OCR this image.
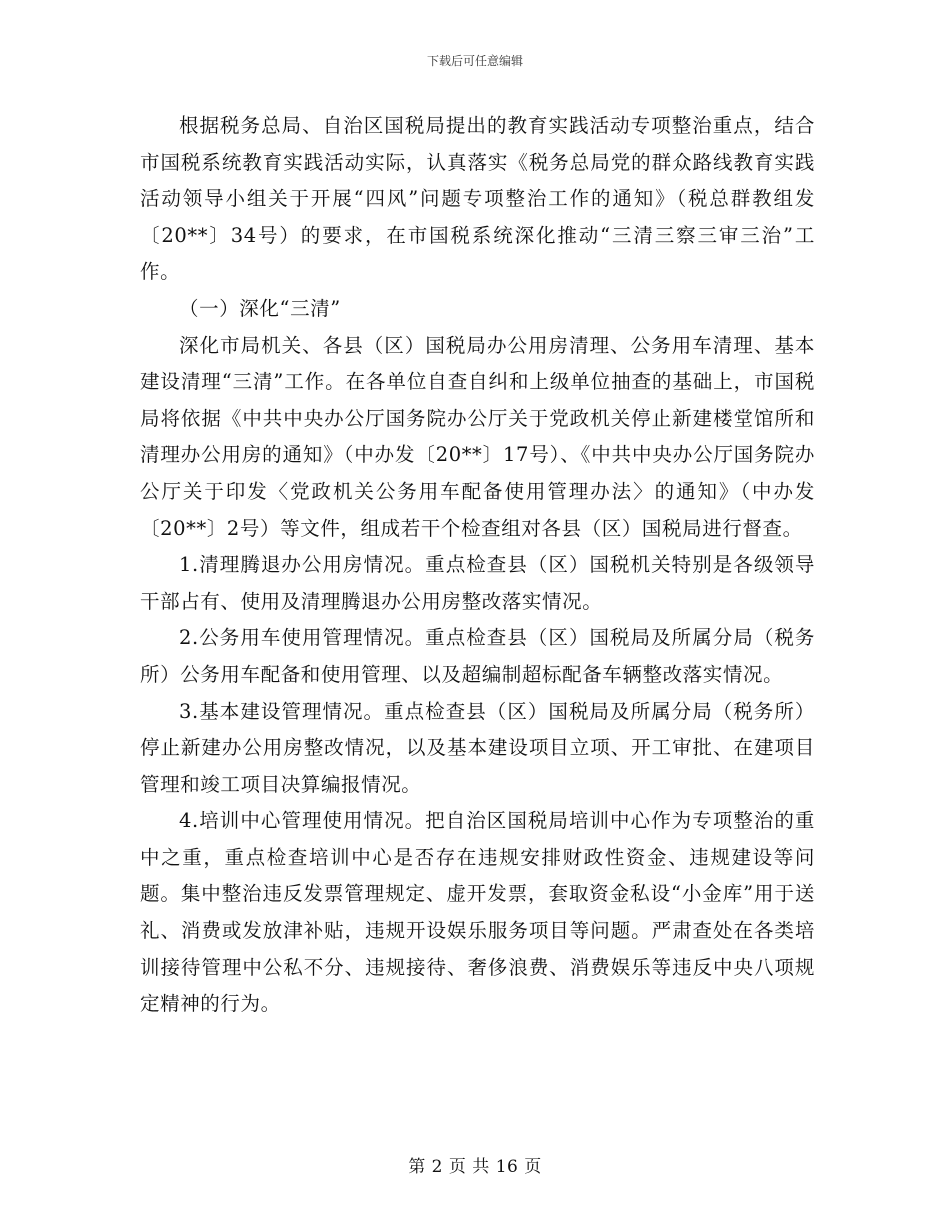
下载后可任意编辑

根据税务总局、自治区国税局提出的教育实践活动专项整治重点，结合市国税系统教育实践活动实际，认真落实《税务总局党的群众路线教育实践活动领导小组关于开展“四风”问题专项整治工作的通知》（税总群教组发〔20**〕34号）的要求，在市国税系统深化推动“三清三察三审三治”工作。

（一）深化“三清”

深化市局机关、各县（区）国税局办公用房清理、公务用车清理、基本建设清理“三清”工作。在各单位自查自纠和上级单位抽查的基础上，市国税局将依据《中共中央办公厅国务院办公厅关于党政机关停止新建楼堂馆所和清理办公用房的通知》（中办发〔20**〕17号）、《中共中央办公厅国务院办公厅关于印发〈党政机关公务用车配备使用管理办法〉的通知》（中办发〔20**〕2号）等文件，组成若干个检查组对各县（区）国税局进行督查。

1.清理腾退办公用房情况。重点检查县（区）国税机关特别是各级领导干部占有、使用及清理腾退办公用房整改落实情况。

2.公务用车使用管理情况。重点检查县（区）国税局及所属分局（税务所）公务用车配备和使用管理、以及超编制超标配备车辆整改落实情况。

3.基本建设管理情况。重点检查县（区）国税局及所属分局（税务所）停止新建办公用房整改情况，以及基本建设项目立项、开工审批、在建项目管理和竣工项目决算编报情况。

4.培训中心管理使用情况。把自治区国税局培训中心作为专项整治的重中之重，重点检查培训中心是否存在违规安排财政性资金、违规建设等问题。集中整治违反发票管理规定、虚开发票，套取资金私设“小金库”用于送礼、消费或发放津补贴，违规开设娱乐服务项目等问题。严肃查处在各类培训接待管理中公私不分、违规接待、奢侈浪费、消费娱乐等违反中央八项规定精神的行为。

第 2 页 共 16 页
